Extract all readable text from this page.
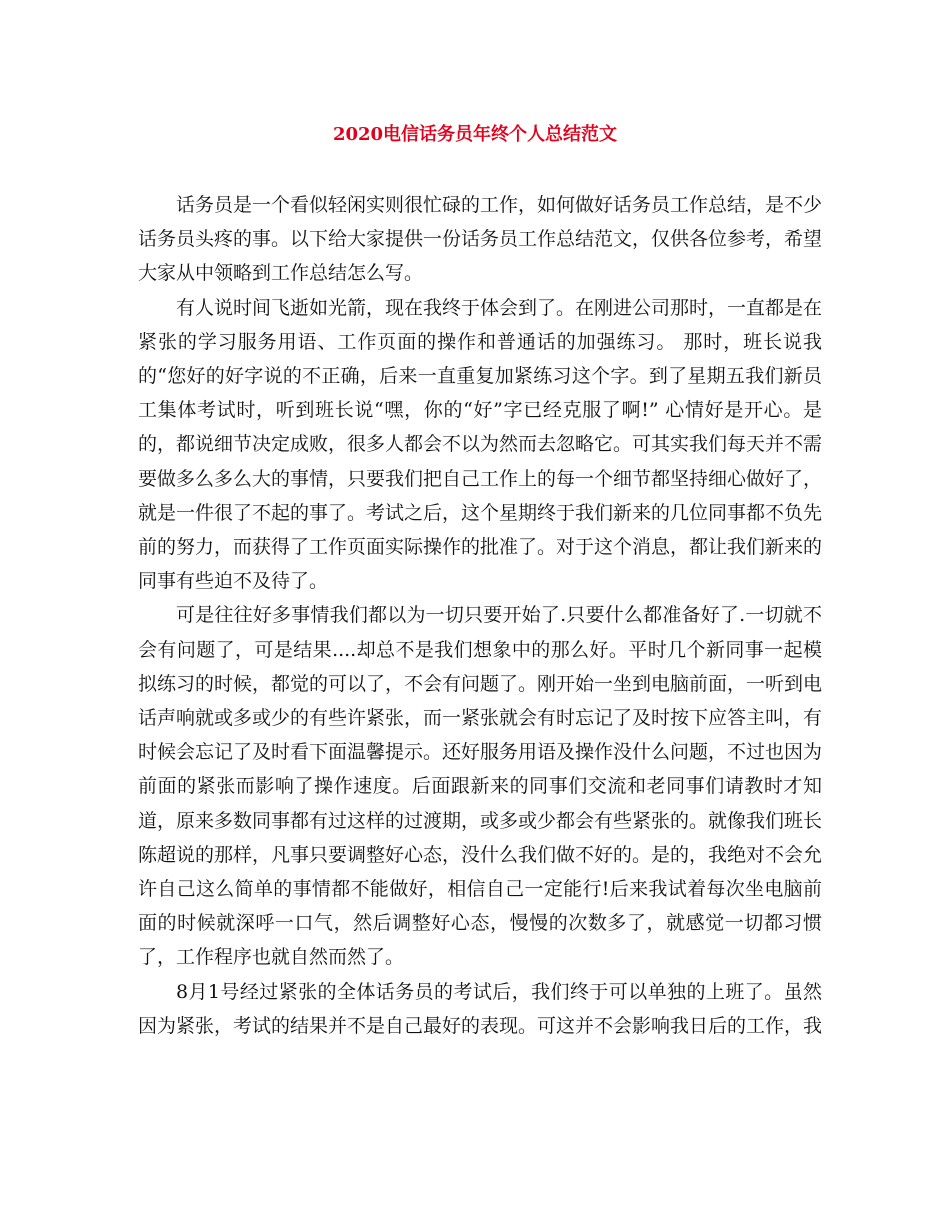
2020电信话务员年终个人总结范文

话务员是一个看似轻闲实则很忙碌的工作，如何做好话务员工作总结，是不少话务员头疼的事。以下给大家提供一份话务员工作总结范文，仅供各位参考，希望大家从中领略到工作总结怎么写。

有人说时间飞逝如光箭，现在我终于体会到了。在刚进公司那时，一直都是在紧张的学习服务用语、工作页面的操作和普通话的加强练习。 那时，班长说我的“您好的好字说的不正确，后来一直重复加紧练习这个字。到了星期五我们新员工集体考试时，听到班长说“嘿，你的“好”字已经克服了啊!” 心情好是开心。是的，都说细节决定成败，很多人都会不以为然而去忽略它。可其实我们每天并不需要做多么多么大的事情，只要我们把自己工作上的每一个细节都坚持细心做好了，就是一件很了不起的事了。考试之后，这个星期终于我们新来的几位同事都不负先前的努力，而获得了工作页面实际操作的批准了。对于这个消息，都让我们新来的同事有些迫不及待了。

可是往往好多事情我们都以为一切只要开始了.只要什么都准备好了.一切就不会有问题了，可是结果....却总不是我们想象中的那么好。平时几个新同事一起模拟练习的时候，都觉的可以了，不会有问题了。刚开始一坐到电脑前面，一听到电话声响就或多或少的有些许紧张，而一紧张就会有时忘记了及时按下应答主叫，有时候会忘记了及时看下面温馨提示。还好服务用语及操作没什么问题，不过也因为前面的紧张而影响了操作速度。后面跟新来的同事们交流和老同事们请教时才知道，原来多数同事都有过这样的过渡期，或多或少都会有些紧张的。就像我们班长陈超说的那样，凡事只要调整好心态，没什么我们做不好的。是的，我绝对不会允许自己这么简单的事情都不能做好，相信自己一定能行!后来我试着每次坐电脑前面的时候就深呼一口气，然后调整好心态，慢慢的次数多了，就感觉一切都习惯了，工作程序也就自然而然了。

8月1号经过紧张的全体话务员的考试后，我们终于可以单独的上班了。虽然因为紧张，考试的结果并不是自己最好的表现。可这并不会影响我日后的工作，我
